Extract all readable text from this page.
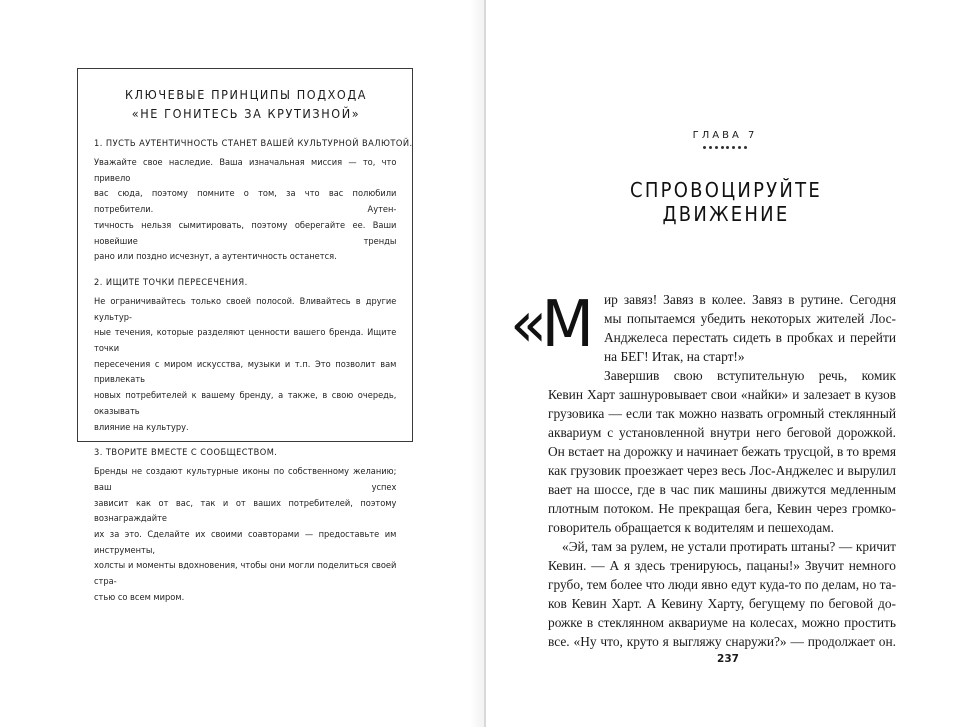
КЛЮЧЕВЫЕ ПРИНЦИПЫ ПОДХОДА
«НЕ ГОНИТЕСЬ ЗА КРУТИЗНОЙ»
1. ПУСТЬ АУТЕНТИЧНОСТЬ СТАНЕТ ВАШЕЙ КУЛЬТУРНОЙ ВАЛЮТОЙ.
Уважайте свое наследие. Ваша изначальная миссия — то, что привело
вас сюда, поэтому помните о том, за что вас полюбили потребители. Аутен-
тичность нельзя сымитировать, поэтому оберегайте ее. Ваши новейшие тренды
рано или поздно исчезнут, а аутентичность останется.
2. ИЩИТЕ ТОЧКИ ПЕРЕСЕЧЕНИЯ.
Не ограничивайтесь только своей полосой. Вливайтесь в другие культур-
ные течения, которые разделяют ценности вашего бренда. Ищите точки
пересечения с миром искусства, музыки и т.п. Это позволит вам привлекать
новых потребителей к вашему бренду, а также, в свою очередь, оказывать
влияние на культуру.
3. ТВОРИТЕ ВМЕСТЕ С СООБЩЕСТВОМ.
Бренды не создают культурные иконы по собственному желанию; ваш успех
зависит как от вас, так и от ваших потребителей, поэтому вознаграждайте
их за это. Сделайте их своими соавторами — предоставьте им инструменты,
холсты и моменты вдохновения, чтобы они могли поделиться своей стра-
стью со всем миром.
ГЛАВА 7
СПРОВОЦИРУЙТЕ ДВИЖЕНИЕ
«М ир завяз! Завяз в колее. Завяз в рутине. Сегодня
мы попытаемся убедить некоторых жителей Лос-
Анджелеса перестать сидеть в пробках и перейти
на БЕГ! Итак, на старт!»
Завершив свою вступительную речь, комик
Кевин Харт зашнуровывает свои «найки» и залезает в кузов
грузовика — если так можно назвать огромный стеклянный
аквариум с установленной внутри него беговой дорожкой.
Он встает на дорожку и начинает бежать трусцой, в то время
как грузовик проезжает через весь Лос-Анджелес и вырулил
вает на шоссе, где в час пик машины движутся медленным
плотным потоком. Не прекращая бега, Кевин через громко-
говоритель обращается к водителям и пешеходам.
«Эй, там за рулем, не устали протирать штаны? — кричит
Кевин. — А я здесь тренируюсь, пацаны!» Звучит немного
грубо, тем более что люди явно едут куда-то по делам, но та-
ков Кевин Харт. А Кевину Харту, бегущему по беговой до-
рожке в стеклянном аквариуме на колесах, можно простить
все. «Ну что, круто я выгляжу снаружи?» — продолжает он.
237
